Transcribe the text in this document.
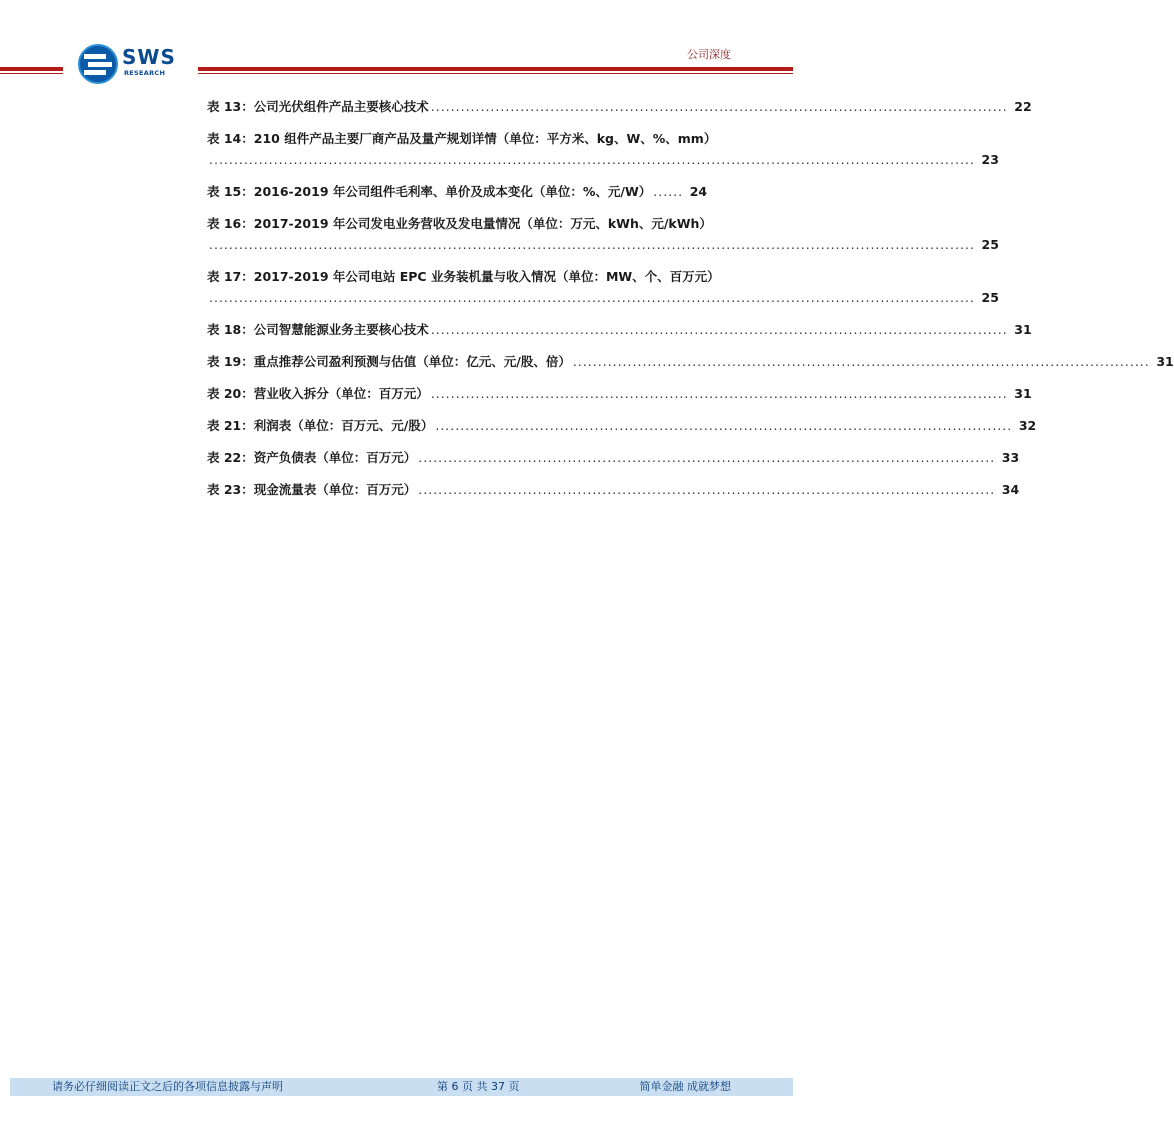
SWS
RESEARCH
公司深度
表 13：公司光伏组件产品主要核心技术 .................................................................................................................... 22
表 14：210 组件产品主要厂商产品及量产规划详情（单位：平方米、kg、W、%、mm）
.......................................................................................................................................................... 23
表 15：2016-2019 年公司组件毛利率、单价及成本变化（单位：%、元/W） ...... 24
表 16：2017-2019 年公司发电业务营收及发电量情况（单位：万元、kWh、元/kWh）
.......................................................................................................................................................... 25
表 17：2017-2019 年公司电站 EPC 业务装机量与收入情况（单位：MW、个、百万元）
.......................................................................................................................................................... 25
表 18：公司智慧能源业务主要核心技术 .................................................................................................................... 31
表 19：重点推荐公司盈利预测与估值（单位：亿元、元/股、倍） .................................................................................................................... 31
表 20：营业收入拆分（单位：百万元） .................................................................................................................... 31
表 21：利润表（单位：百万元、元/股） .................................................................................................................... 32
表 22：资产负债表（单位：百万元） .................................................................................................................... 33
表 23：现金流量表（单位：百万元） .................................................................................................................... 34
请务必仔细阅读正文之后的各项信息披露与声明	第 6 页 共 37 页	简单金融 成就梦想
